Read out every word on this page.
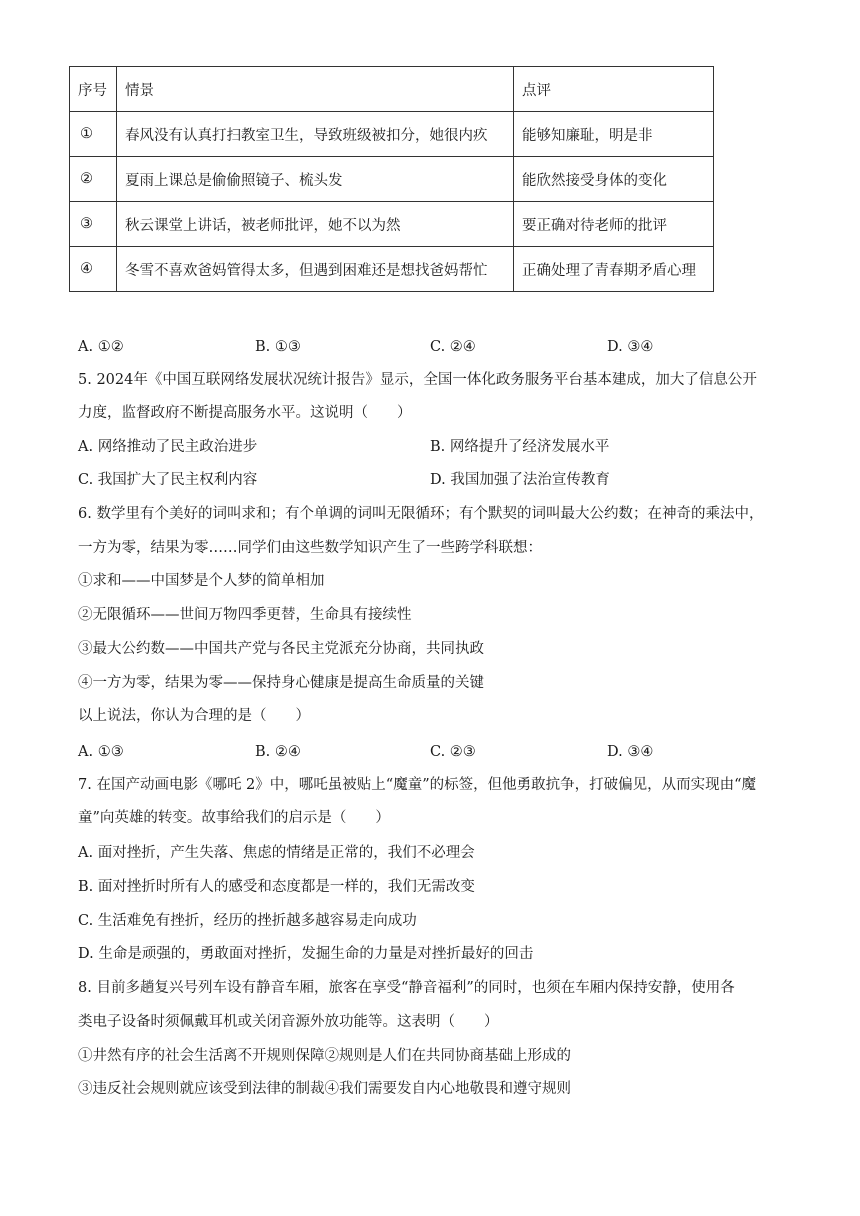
序号	情景	点评
①	春风没有认真打扫教室卫生，导致班级被扣分，她很内疚	能够知廉耻，明是非
②	夏雨上课总是偷偷照镜子、梳头发	能欣然接受身体的变化
③	秋云课堂上讲话，被老师批评，她不以为然	要正确对待老师的批评
④	冬雪不喜欢爸妈管得太多，但遇到困难还是想找爸妈帮忙	正确处理了青春期矛盾心理
A. ①②	B. ①③	C. ②④	D. ③④
5. 2024年《中国互联网络发展状况统计报告》显示，全国一体化政务服务平台基本建成，加大了信息公开
力度，监督政府不断提高服务水平。这说明（　　）
A. 网络推动了民主政治进步	B. 网络提升了经济发展水平
C. 我国扩大了民主权利内容	D. 我国加强了法治宣传教育
6. 数学里有个美好的词叫求和；有个单调的词叫无限循环；有个默契的词叫最大公约数；在神奇的乘法中，
一方为零，结果为零……同学们由这些数学知识产生了一些跨学科联想：
①求和——中国梦是个人梦的简单相加
②无限循环——世间万物四季更替，生命具有接续性
③最大公约数——中国共产党与各民主党派充分协商，共同执政
④一方为零，结果为零——保持身心健康是提高生命质量的关键
以上说法，你认为合理的是（　　）
A. ①③	B. ②④	C. ②③	D. ③④
7. 在国产动画电影《哪吒 2》中，哪吒虽被贴上“魔童”的标签，但他勇敢抗争，打破偏见，从而实现由“魔
童”向英雄的转变。故事给我们的启示是（　　）
A. 面对挫折，产生失落、焦虑的情绪是正常的，我们不必理会
B. 面对挫折时所有人的感受和态度都是一样的，我们无需改变
C. 生活难免有挫折，经历的挫折越多越容易走向成功
D. 生命是顽强的，勇敢面对挫折，发掘生命的力量是对挫折最好的回击
8. 目前多趟复兴号列车设有静音车厢，旅客在享受“静音福利”的同时，也须在车厢内保持安静，使用各
类电子设备时须佩戴耳机或关闭音源外放功能等。这表明（　　）
①井然有序的社会生活离不开规则保障②规则是人们在共同协商基础上形成的
③违反社会规则就应该受到法律的制裁④我们需要发自内心地敬畏和遵守规则
